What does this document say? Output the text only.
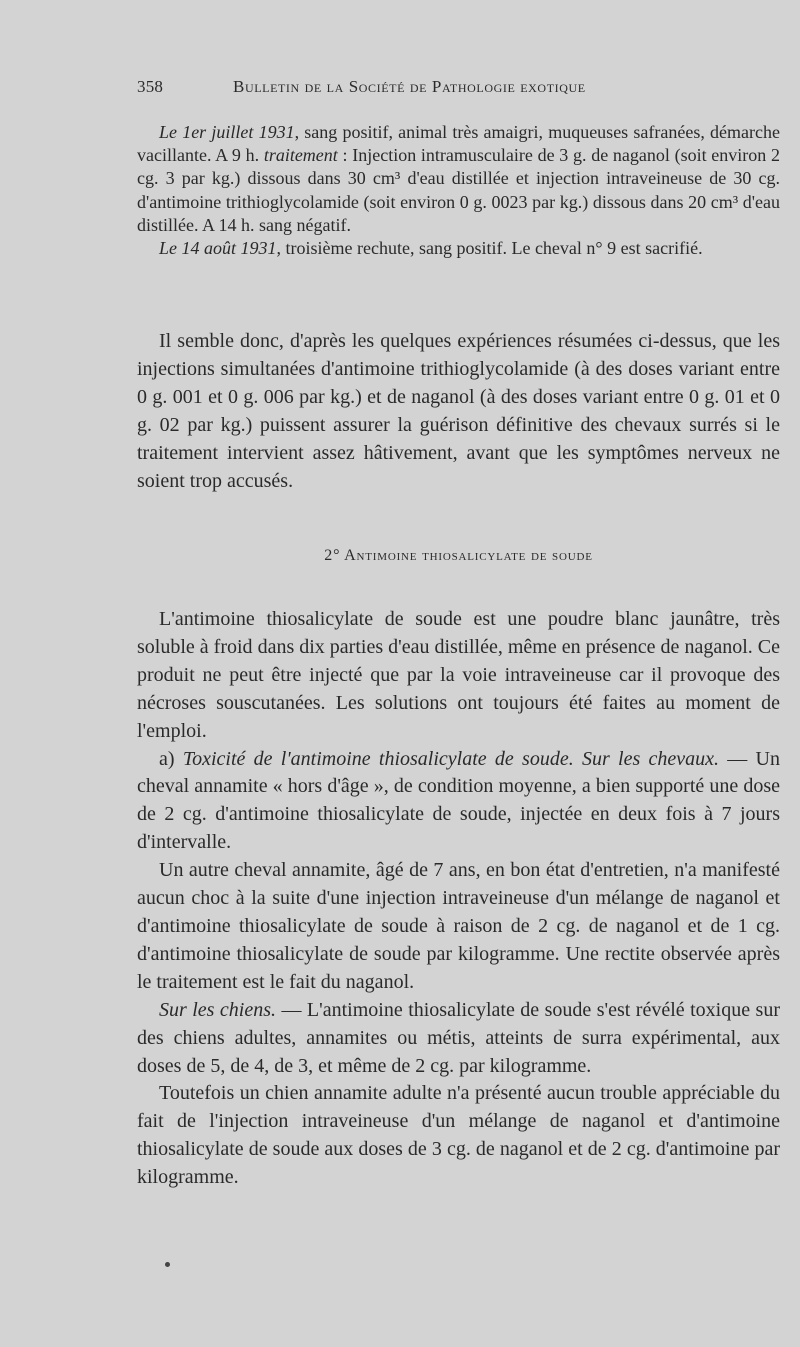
358	Bulletin de la Société de Pathologie exotique

Le 1er juillet 1931, sang positif, animal très amaigri, muqueuses safranées, démarche vacillante. A 9 h. traitement : Injection intramusculaire de 3 g. de naganol (soit environ 2 cg. 3 par kg.) dissous dans 30 cm³ d'eau distillée et injection intraveineuse de 30 cg. d'antimoine trithioglycolamide (soit environ 0 g. 0023 par kg.) dissous dans 20 cm³ d'eau distillée. A 14 h. sang négatif.

Le 14 août 1931, troisième rechute, sang positif. Le cheval n° 9 est sacrifié.

Il semble donc, d'après les quelques expériences résumées ci-dessus, que les injections simultanées d'antimoine trithioglycolamide (à des doses variant entre 0 g. 001 et 0 g. 006 par kg.) et de naganol (à des doses variant entre 0 g. 01 et 0 g. 02 par kg.) puissent assurer la guérison définitive des chevaux surrés si le traitement intervient assez hâtivement, avant que les symptômes nerveux ne soient trop accusés.

2° Antimoine thiosalicylate de soude

L'antimoine thiosalicylate de soude est une poudre blanc jaunâtre, très soluble à froid dans dix parties d'eau distillée, même en présence de naganol. Ce produit ne peut être injecté que par la voie intraveineuse car il provoque des nécroses souscutanées. Les solutions ont toujours été faites au moment de l'emploi.

a) Toxicité de l'antimoine thiosalicylate de soude. Sur les chevaux. — Un cheval annamite « hors d'âge », de condition moyenne, a bien supporté une dose de 2 cg. d'antimoine thiosalicylate de soude, injectée en deux fois à 7 jours d'intervalle.

Un autre cheval annamite, âgé de 7 ans, en bon état d'entretien, n'a manifesté aucun choc à la suite d'une injection intraveineuse d'un mélange de naganol et d'antimoine thiosalicylate de soude à raison de 2 cg. de naganol et de 1 cg. d'antimoine thiosalicylate de soude par kilogramme. Une rectite observée après le traitement est le fait du naganol.

Sur les chiens. — L'antimoine thiosalicylate de soude s'est révélé toxique sur des chiens adultes, annamites ou métis, atteints de surra expérimental, aux doses de 5, de 4, de 3, et même de 2 cg. par kilogramme.

Toutefois un chien annamite adulte n'a présenté aucun trouble appréciable du fait de l'injection intraveineuse d'un mélange de naganol et d'antimoine thiosalicylate de soude aux doses de 3 cg. de naganol et de 2 cg. d'antimoine par kilogramme.
